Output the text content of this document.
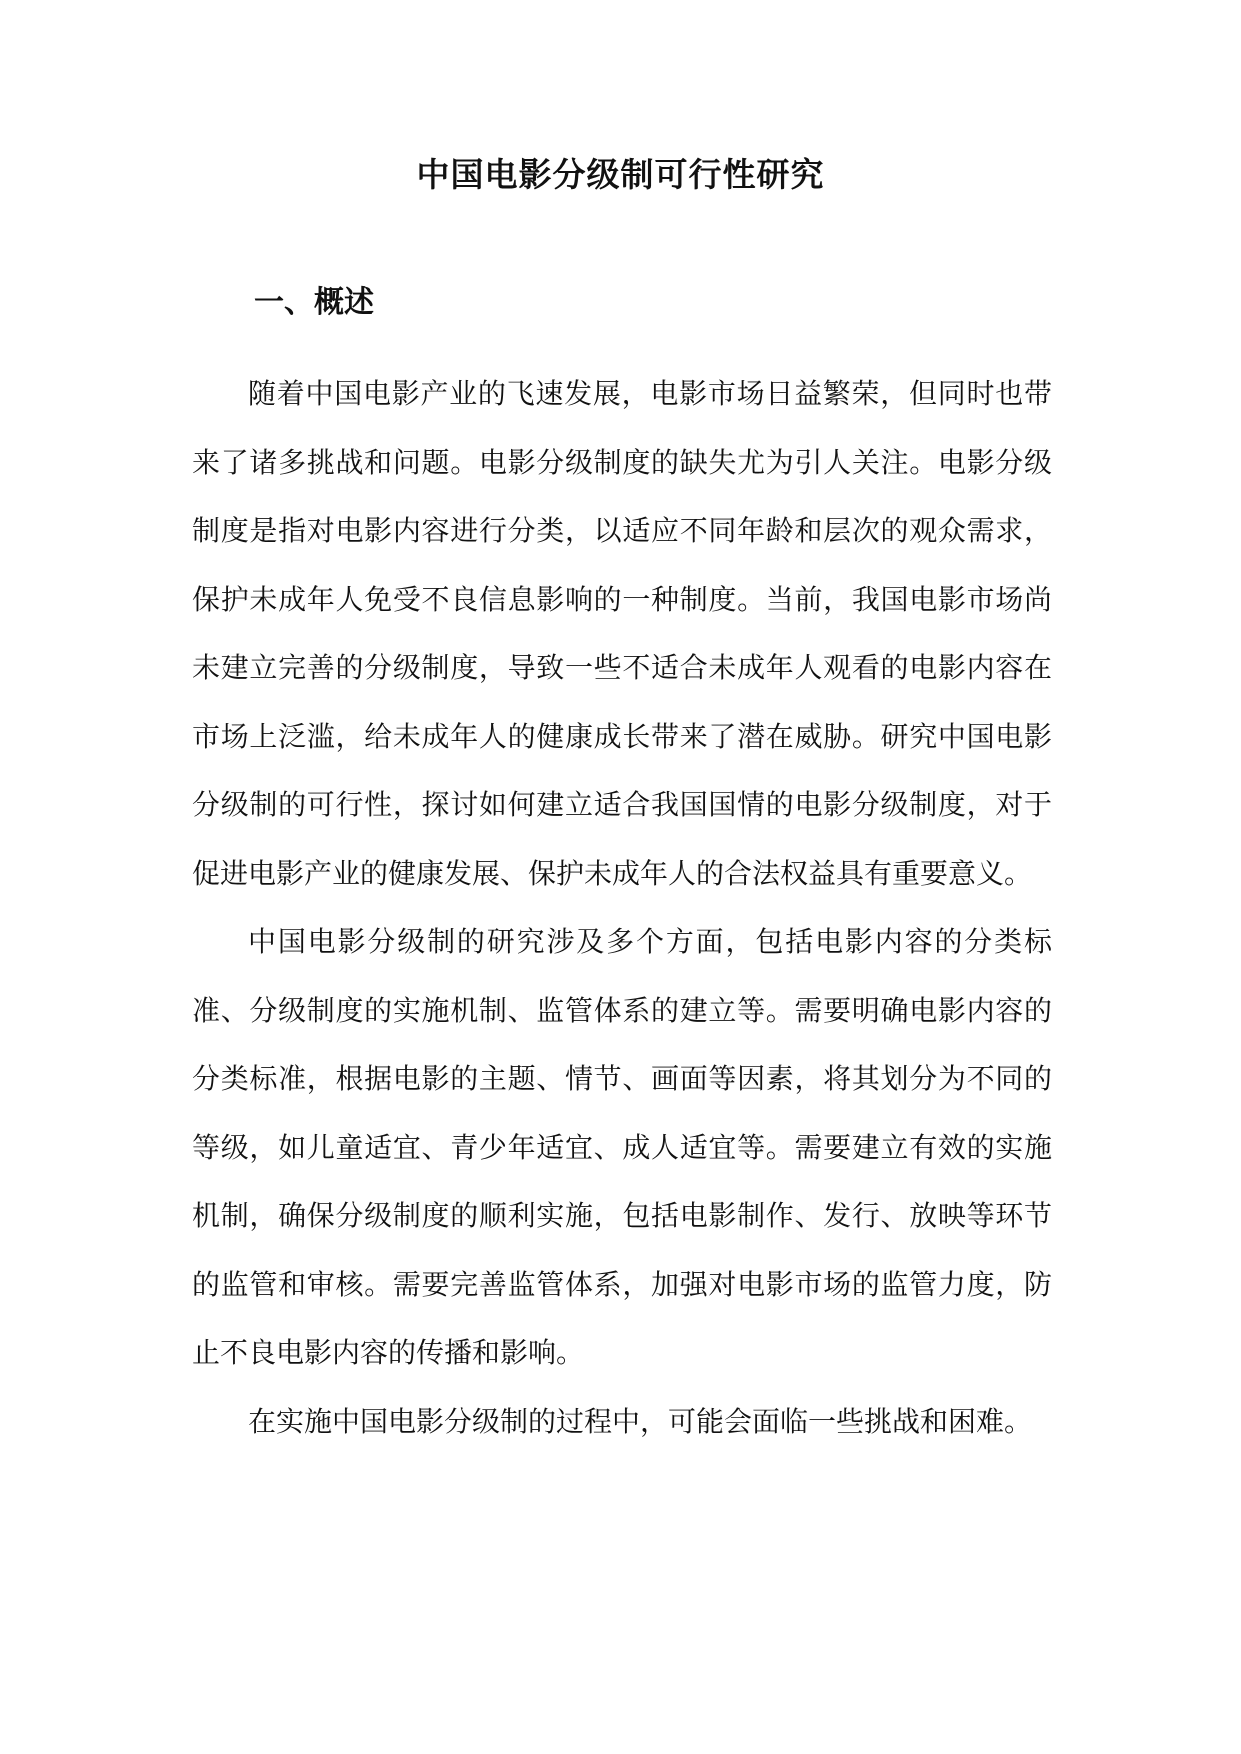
中国电影分级制可行性研究
一、概述

随着中国电影产业的飞速发展，电影市场日益繁荣，但同时也带来了诸多挑战和问题。电影分级制度的缺失尤为引人关注。电影分级制度是指对电影内容进行分类，以适应不同年龄和层次的观众需求，保护未成年人免受不良信息影响的一种制度。当前，我国电影市场尚未建立完善的分级制度，导致一些不适合未成年人观看的电影内容在市场上泛滥，给未成年人的健康成长带来了潜在威胁。研究中国电影分级制的可行性，探讨如何建立适合我国国情的电影分级制度，对于促进电影产业的健康发展、保护未成年人的合法权益具有重要意义。

中国电影分级制的研究涉及多个方面，包括电影内容的分类标准、分级制度的实施机制、监管体系的建立等。需要明确电影内容的分类标准，根据电影的主题、情节、画面等因素，将其划分为不同的等级，如儿童适宜、青少年适宜、成人适宜等。需要建立有效的实施机制，确保分级制度的顺利实施，包括电影制作、发行、放映等环节的监管和审核。需要完善监管体系，加强对电影市场的监管力度，防止不良电影内容的传播和影响。

在实施中国电影分级制的过程中，可能会面临一些挑战和困难。
